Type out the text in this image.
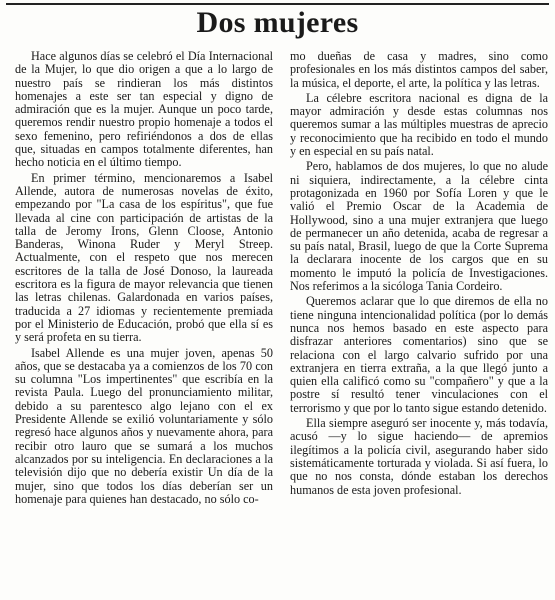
Dos mujeres

Hace algunos días se celebró el Día Internacional de la Mujer, lo que dio origen a que a lo largo de nuestro país se rindieran los más distintos homenajes a este ser tan especial y digno de admiración que es la mujer. Aunque un poco tarde, queremos rendir nuestro propio homenaje a todos el sexo femenino, pero refiriéndonos a dos de ellas que, situadas en campos totalmente diferentes, han hecho noticia en el último tiempo.

En primer término, mencionaremos a Isabel Allende, autora de numerosas novelas de éxito, empezando por "La casa de los espíritus", que fue llevada al cine con participación de artistas de la talla de Jeromy Irons, Glenn Cloose, Antonio Banderas, Winona Ruder y Meryl Streep. Actualmente, con el respeto que nos merecen escritores de la talla de José Donoso, la laureada escritora es la figura de mayor relevancia que tienen las letras chilenas. Galardonada en varios países, traducida a 27 idiomas y recientemente premiada por el Ministerio de Educación, probó que ella sí es y será profeta en su tierra.

Isabel Allende es una mujer joven, apenas 50 años, que se destacaba ya a comienzos de los 70 con su columna "Los impertinentes" que escribía en la revista Paula. Luego del pronunciamiento militar, debido a su parentesco algo lejano con el ex Presidente Allende se exilió voluntariamente y sólo regresó hace algunos años y nuevamente ahora, para recibir otro lauro que se sumará a los muchos alcanzados por su inteligencia. En declaraciones a la televisión dijo que no debería existir Un día de la mujer, sino que todos los días deberían ser un homenaje para quienes han destacado, no sólo co-

mo dueñas de casa y madres, sino como profesionales en los más distintos campos del saber, la música, el deporte, el arte, la política y las letras.

La célebre escritora nacional es digna de la mayor admiración y desde estas columnas nos queremos sumar a las múltiples muestras de aprecio y reconocimiento que ha recibido en todo el mundo y en especial en su país natal.

Pero, hablamos de dos mujeres, lo que no alude ni siquiera, indirectamente, a la célebre cinta protagonizada en 1960 por Sofía Loren y que le valió el Premio Oscar de la Academia de Hollywood, sino a una mujer extranjera que luego de permanecer un año detenida, acaba de regresar a su país natal, Brasil, luego de que la Corte Suprema la declarara inocente de los cargos que en su momento le imputó la policía de Investigaciones. Nos referimos a la sicóloga Tania Cordeiro.

Queremos aclarar que lo que diremos de ella no tiene ninguna intencionalidad política (por lo demás nunca nos hemos basado en este aspecto para disfrazar anteriores comentarios) sino que se relaciona con el largo calvario sufrido por una extranjera en tierra extraña, a la que llegó junto a quien ella calificó como su "compañero" y que a la postre sí resultó tener vinculaciones con el terrorismo y que por lo tanto sigue estando detenido.

Ella siempre aseguró ser inocente y, más todavía, acusó —y lo sigue haciendo— de apremios ilegítimos a la policía civil, asegurando haber sido sistemáticamente torturada y violada. Si así fuera, lo que no nos consta, dónde estaban los derechos humanos de esta joven profesional.
